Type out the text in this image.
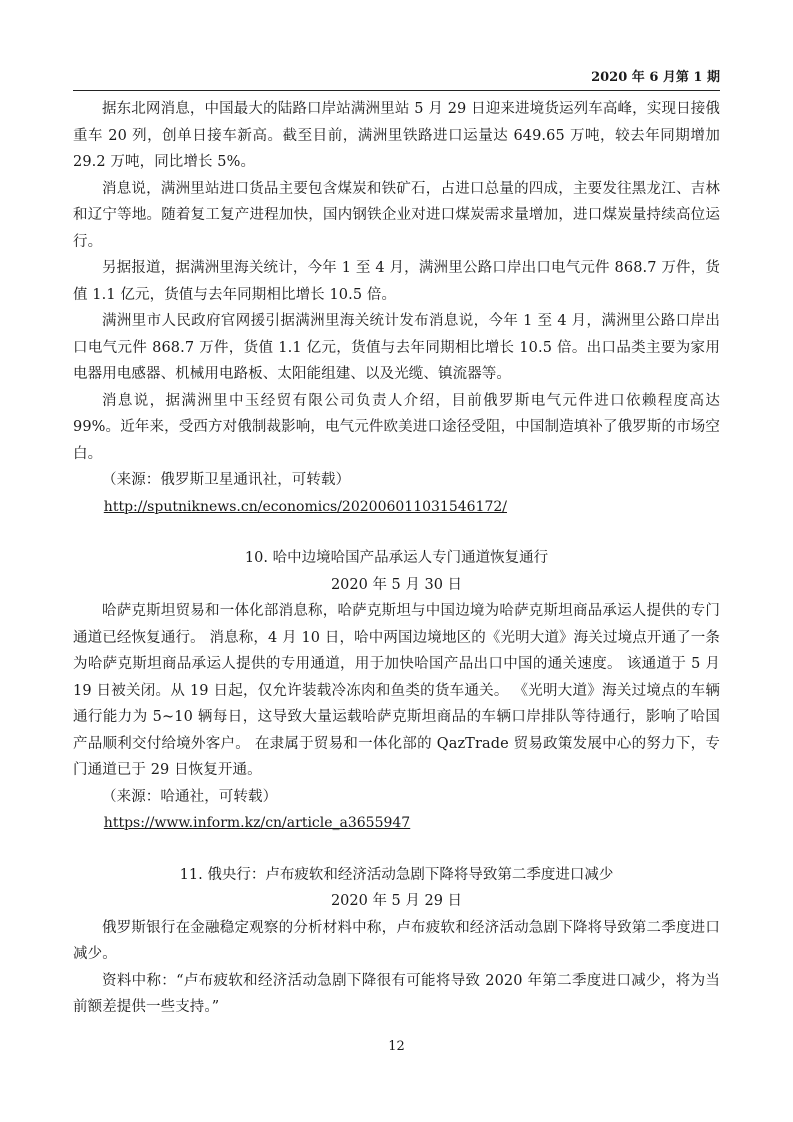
2020 年 6 月第 1 期

据东北网消息，中国最大的陆路口岸站满洲里站 5 月 29 日迎来进境货运列车高峰，实现日接俄重车 20 列，创单日接车新高。截至目前，满洲里铁路进口运量达 649.65 万吨，较去年同期增加 29.2 万吨，同比增长 5%。

消息说，满洲里站进口货品主要包含煤炭和铁矿石，占进口总量的四成，主要发往黑龙江、吉林和辽宁等地。随着复工复产进程加快，国内钢铁企业对进口煤炭需求量增加，进口煤炭量持续高位运行。

另据报道，据满洲里海关统计，今年 1 至 4 月，满洲里公路口岸出口电气元件 868.7 万件，货值 1.1 亿元，货值与去年同期相比增长 10.5 倍。

满洲里市人民政府官网援引据满洲里海关统计发布消息说，今年 1 至 4 月，满洲里公路口岸出口电气元件 868.7 万件，货值 1.1 亿元，货值与去年同期相比增长 10.5 倍。出口品类主要为家用电器用电感器、机械用电路板、太阳能组建、以及光缆、镇流器等。

消息说，据满洲里中玉经贸有限公司负责人介绍，目前俄罗斯电气元件进口依赖程度高达 99%。近年来，受西方对俄制裁影响，电气元件欧美进口途径受阻，中国制造填补了俄罗斯的市场空白。

（来源：俄罗斯卫星通讯社，可转载）

http://sputniknews.cn/economics/202006011031546172/
10. 哈中边境哈国产品承运人专门通道恢复通行
2020 年 5 月 30 日

哈萨克斯坦贸易和一体化部消息称，哈萨克斯坦与中国边境为哈萨克斯坦商品承运人提供的专门通道已经恢复通行。 消息称，4 月 10 日，哈中两国边境地区的《光明大道》海关过境点开通了一条为哈萨克斯坦商品承运人提供的专用通道，用于加快哈国产品出口中国的通关速度。 该通道于 5 月 19 日被关闭。从 19 日起，仅允许装载冷冻肉和鱼类的货车通关。 《光明大道》海关过境点的车辆通行能力为 5~10 辆每日，这导致大量运载哈萨克斯坦商品的车辆口岸排队等待通行，影响了哈国产品顺利交付给境外客户。 在隶属于贸易和一体化部的 QazTrade 贸易政策发展中心的努力下，专门通道已于 29 日恢复开通。

（来源：哈通社，可转载）

https://www.inform.kz/cn/article_a3655947
11. 俄央行：卢布疲软和经济活动急剧下降将导致第二季度进口减少
2020 年 5 月 29 日

俄罗斯银行在金融稳定观察的分析材料中称，卢布疲软和经济活动急剧下降将导致第二季度进口减少。

资料中称：“卢布疲软和经济活动急剧下降很有可能将导致 2020 年第二季度进口减少，将为当前额差提供一些支持。”

12
